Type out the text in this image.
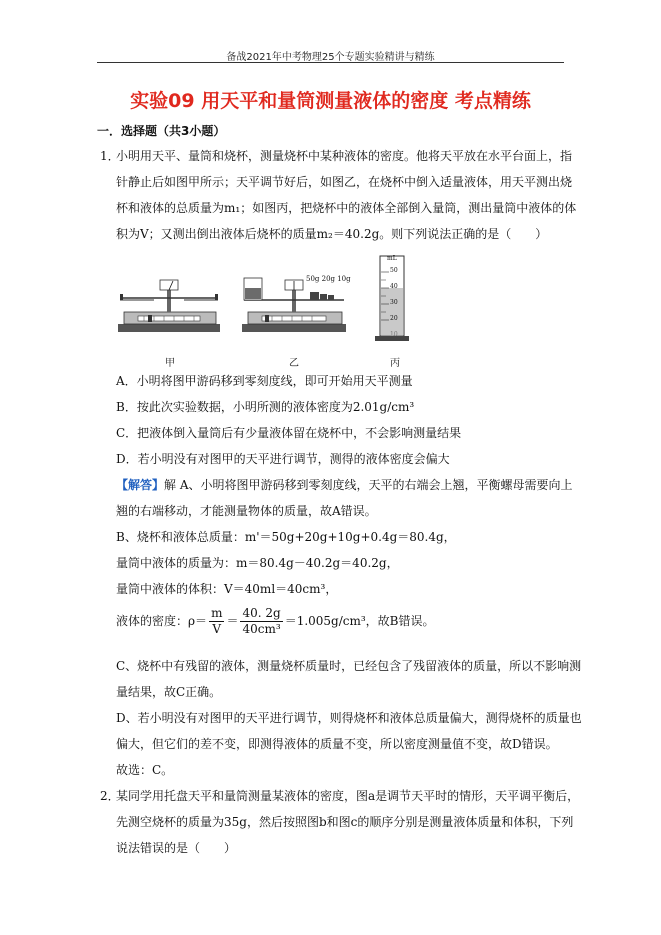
备战2021年中考物理25个专题实验精讲与精练
实验09 用天平和量筒测量液体的密度 考点精练
一．选择题（共3小题）
1．
小明用天平、量筒和烧杯，测量烧杯中某种液体的密度。他将天平放在水平台面上，指
针静止后如图甲所示；天平调节好后，如图乙，在烧杯中倒入适量液体，用天平测出烧
杯和液体的总质量为m₁；如图丙，把烧杯中的液体全部倒入量筒，测出量筒中液体的体
积为V；又测出倒出液体后烧杯的质量m₂＝40.2g。则下列说法正确的是（　　）
甲
50g 20g 10g
乙
mL
50
40
30
20
10
丙
A．小明将图甲游码移到零刻度线，即可开始用天平测量
B．按此次实验数据，小明所测的液体密度为2.01g/cm³
C．把液体倒入量筒后有少量液体留在烧杯中，不会影响测量结果
D．若小明没有对图甲的天平进行调节，测得的液体密度会偏大
【解答】解 A、小明将图甲游码移到零刻度线，天平的右端会上翘，平衡螺母需要向上
翘的右端移动，才能测量物体的质量，故A错误。
B、烧杯和液体总质量：m'＝50g+20g+10g+0.4g＝80.4g，
量筒中液体的质量为：m＝80.4g－40.2g＝40.2g，
量筒中液体的体积：V＝40ml＝40cm³，
液体的密度：$\rho= \frac{m}{V} = \frac{40. 2g}{\text{40cm³}} =1.005g/cm^3$，故B错误。
C、烧杯中有残留的液体，测量烧杯质量时，已经包含了残留液体的质量，所以不影响测
量结果，故C正确。
D、若小明没有对图甲的天平进行调节，则得烧杯和液体总质量偏大，测得烧杯的质量也
偏大，但它们的差不变，即测得液体的质量不变，所以密度测量值不变，故D错误。
故选：C。
2．
某同学用托盘天平和量筒测量某液体的密度，图a是调节天平时的情形，天平调平衡后，
先测空烧杯的质量为35g，然后按照图b和图c的顺序分别是测量液体质量和体积，下列
说法错误的是（　　）
